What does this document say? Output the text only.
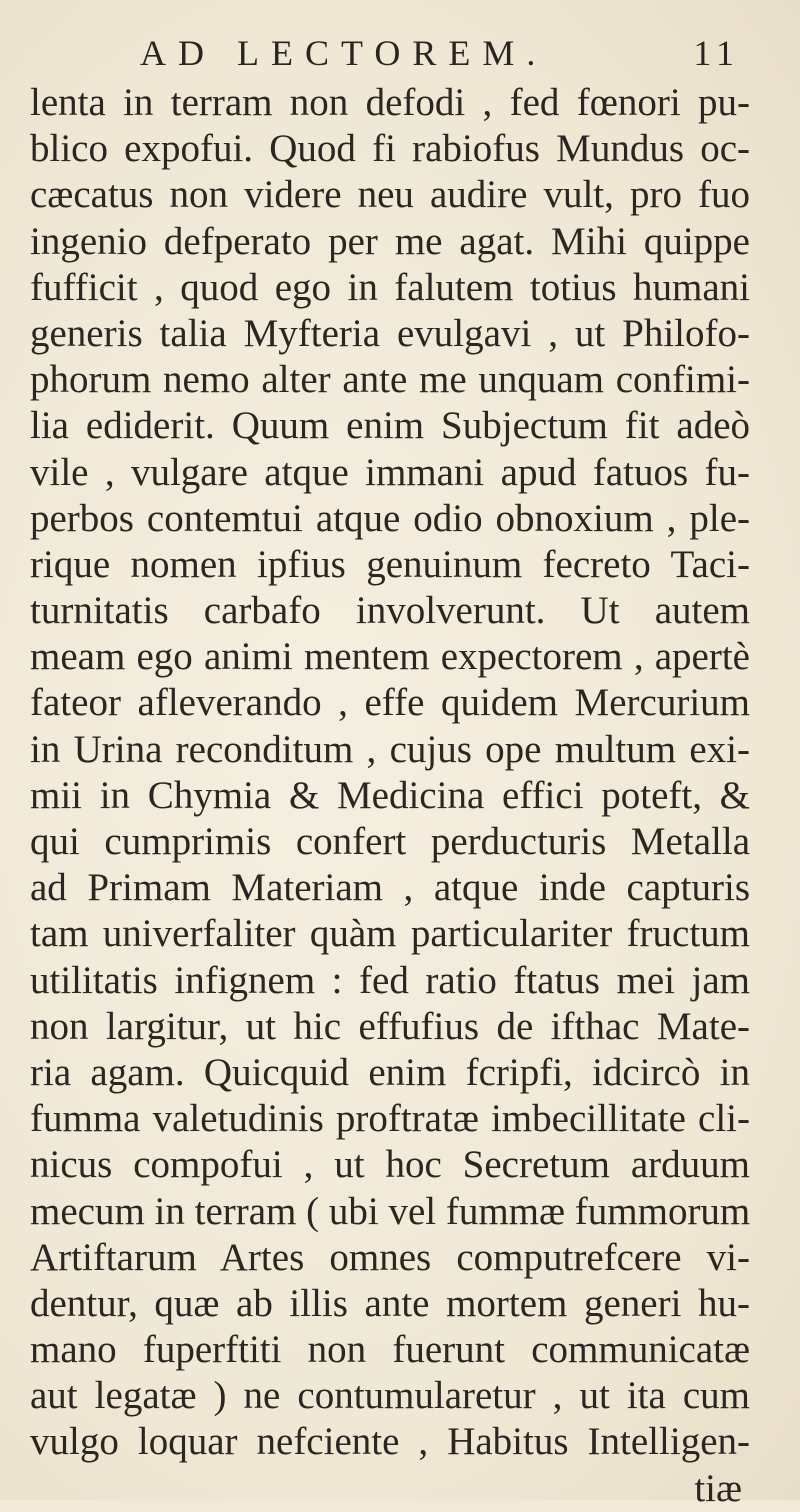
AD LECTOREM.	11
lenta in terram non defodi , fed fœnori pu-
blico expofui. Quod fi rabiofus Mundus oc-
cæcatus non videre neu audire vult, pro fuo
ingenio defperato per me agat. Mihi quippe
fufficit , quod ego in falutem totius humani
generis talia Myfteria evulgavi , ut Philofo-
phorum nemo alter ante me unquam confimi-
lia ediderit. Quum enim Subjectum fit adeò
vile , vulgare atque immani apud fatuos fu-
perbos contemtui atque odio obnoxium , ple-
rique nomen ipfius genuinum fecreto Taci-
turnitatis carbafo involverunt. Ut autem
meam ego animi mentem expectorem , apertè
fateor afleverando , effe quidem Mercurium
in Urina reconditum , cujus ope multum exi-
mii in Chymia & Medicina effici poteft, &
qui cumprimis confert perducturis Metalla
ad Primam Materiam , atque inde capturis
tam univerfaliter quàm particulariter fructum
utilitatis infignem : fed ratio ftatus mei jam
non largitur, ut hic effufius de ifthac Mate-
ria agam. Quicquid enim fcripfi, idcircò in
fumma valetudinis proftratæ imbecillitate cli-
nicus compofui , ut hoc Secretum arduum
mecum in terram ( ubi vel fummæ fummorum
Artiftarum Artes omnes computrefcere vi-
dentur, quæ ab illis ante mortem generi hu-
mano fuperftiti non fuerunt communicatæ
aut legatæ ) ne contumularetur , ut ita cum
vulgo loquar nefciente , Habitus Intelligen-
tiæ
